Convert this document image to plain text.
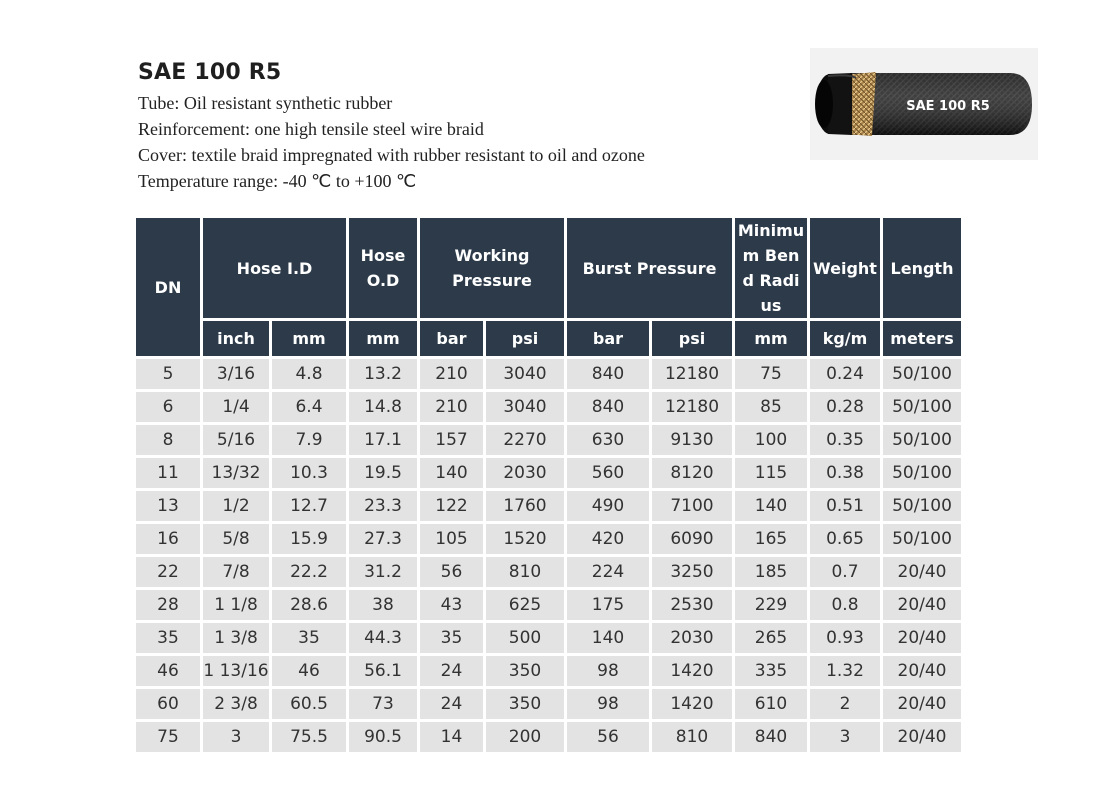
SAE 100 R5
Tube: Oil resistant synthetic rubber
Reinforcement: one high tensile steel wire braid
Cover: textile braid impregnated with rubber resistant to oil and ozone
Temperature range: -40 ℃ to +100 ℃
SAE 100 R5
DN	Hose I.D		Hose O.D	Working Pressure		Burst Pressure		Minimum Bend Radius	Weight	Length
	inch	mm	mm	bar	psi	bar	psi	mm	kg/m	meters
5	3/16	4.8	13.2	210	3040	840	12180	75	0.24	50/100
6	1/4	6.4	14.8	210	3040	840	12180	85	0.28	50/100
8	5/16	7.9	17.1	157	2270	630	9130	100	0.35	50/100
11	13/32	10.3	19.5	140	2030	560	8120	115	0.38	50/100
13	1/2	12.7	23.3	122	1760	490	7100	140	0.51	50/100
16	5/8	15.9	27.3	105	1520	420	6090	165	0.65	50/100
22	7/8	22.2	31.2	56	810	224	3250	185	0.7	20/40
28	1 1/8	28.6	38	43	625	175	2530	229	0.8	20/40
35	1 3/8	35	44.3	35	500	140	2030	265	0.93	20/40
46	1 13/16	46	56.1	24	350	98	1420	335	1.32	20/40
60	2 3/8	60.5	73	24	350	98	1420	610	2	20/40
75	3	75.5	90.5	14	200	56	810	840	3	20/40
